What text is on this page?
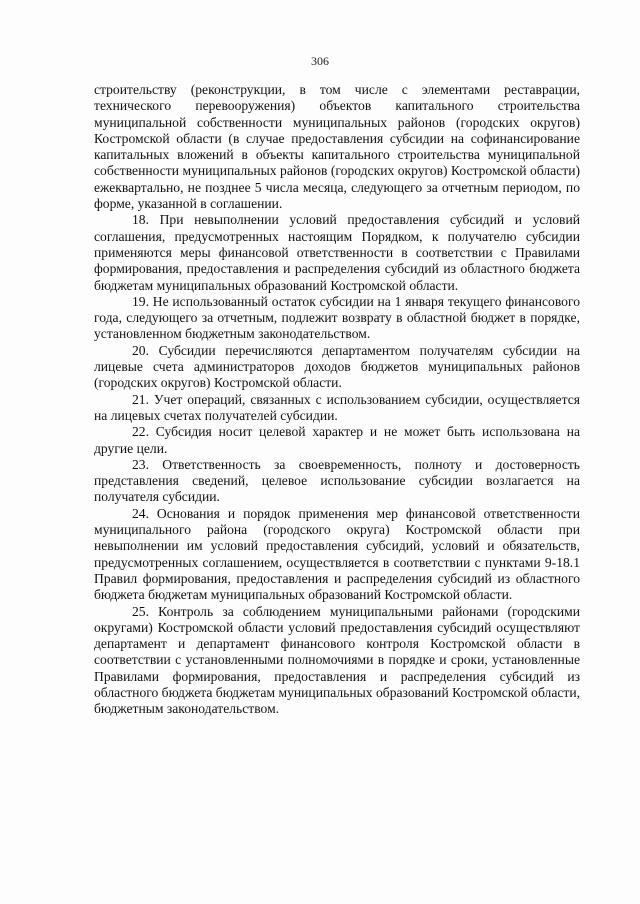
306

строительству (реконструкции, в том числе с элементами реставрации, технического перевооружения) объектов капитального строительства муниципальной собственности муниципальных районов (городских округов) Костромской области (в случае предоставления субсидии на софинансирование капитальных вложений в объекты капитального строительства муниципальной собственности муниципальных районов (городских округов) Костромской области) ежеквартально, не позднее 5 числа месяца, следующего за отчетным периодом, по форме, указанной в соглашении.

18. При невыполнении условий предоставления субсидий и условий соглашения, предусмотренных настоящим Порядком, к получателю субсидии применяются меры финансовой ответственности в соответствии с Правилами формирования, предоставления и распределения субсидий из областного бюджета бюджетам муниципальных образований Костромской области.

19. Не использованный остаток субсидии на 1 января текущего финансового года, следующего за отчетным, подлежит возврату в областной бюджет в порядке, установленном бюджетным законодательством.

20. Субсидии перечисляются департаментом получателям субсидии на лицевые счета администраторов доходов бюджетов муниципальных районов (городских округов) Костромской области.

21. Учет операций, связанных с использованием субсидии, осуществляется на лицевых счетах получателей субсидии.

22. Субсидия носит целевой характер и не может быть использована на другие цели.

23. Ответственность за своевременность, полноту и достоверность представления сведений, целевое использование субсидии возлагается на получателя субсидии.

24. Основания и порядок применения мер финансовой ответственности муниципального района (городского округа) Костромской области при невыполнении им условий предоставления субсидий, условий и обязательств, предусмотренных соглашением, осуществляется в соответствии с пунктами 9-18.1 Правил формирования, предоставления и распределения субсидий из областного бюджета бюджетам муниципальных образований Костромской области.

25. Контроль за соблюдением муниципальными районами (городскими округами) Костромской области условий предоставления субсидий осуществляют департамент и департамент финансового контроля Костромской области в соответствии с установленными полномочиями в порядке и сроки, установленные Правилами формирования, предоставления и распределения субсидий из областного бюджета бюджетам муниципальных образований Костромской области, бюджетным законодательством.
